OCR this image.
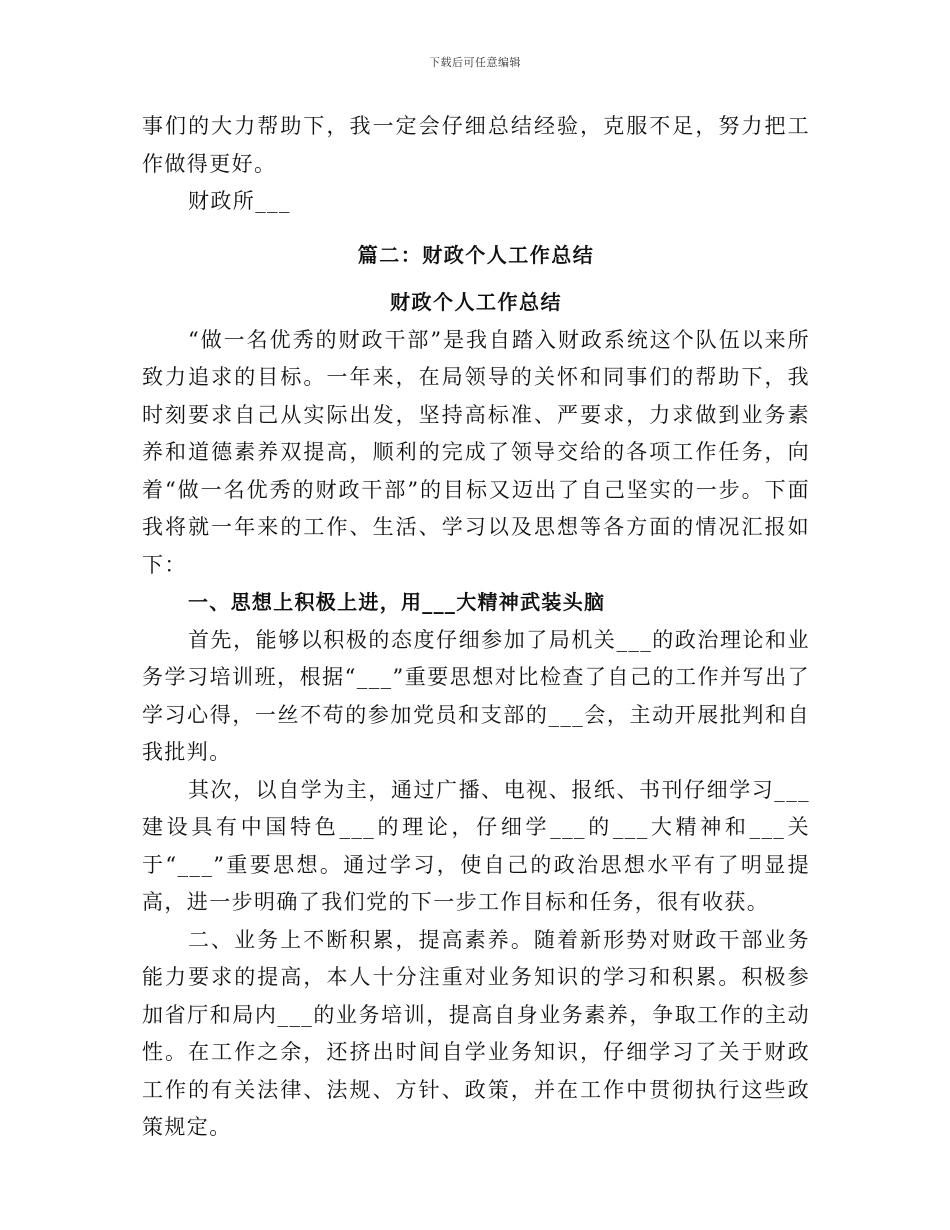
下载后可任意编辑

事们的大力帮助下，我一定会仔细总结经验，克服不足，努力把工作做得更好。

财政所___

篇二：财政个人工作总结

财政个人工作总结

“做一名优秀的财政干部”是我自踏入财政系统这个队伍以来所致力追求的目标。一年来，在局领导的关怀和同事们的帮助下，我时刻要求自己从实际出发，坚持高标准、严要求，力求做到业务素养和道德素养双提高，顺利的完成了领导交给的各项工作任务，向着“做一名优秀的财政干部”的目标又迈出了自己坚实的一步。下面我将就一年来的工作、生活、学习以及思想等各方面的情况汇报如下：

一、思想上积极上进，用___大精神武装头脑

首先，能够以积极的态度仔细参加了局机关___的政治理论和业务学习培训班，根据“___”重要思想对比检查了自己的工作并写出了学习心得，一丝不苟的参加党员和支部的___会，主动开展批判和自我批判。

其次，以自学为主，通过广播、电视、报纸、书刊仔细学习___建设具有中国特色___的理论，仔细学___的___大精神和___关于“___”重要思想。通过学习，使自己的政治思想水平有了明显提高，进一步明确了我们党的下一步工作目标和任务，很有收获。

二、业务上不断积累，提高素养。随着新形势对财政干部业务能力要求的提高，本人十分注重对业务知识的学习和积累。积极参加省厅和局内___的业务培训，提高自身业务素养，争取工作的主动性。在工作之余，还挤出时间自学业务知识，仔细学习了关于财政工作的有关法律、法规、方针、政策，并在工作中贯彻执行这些政策规定。
